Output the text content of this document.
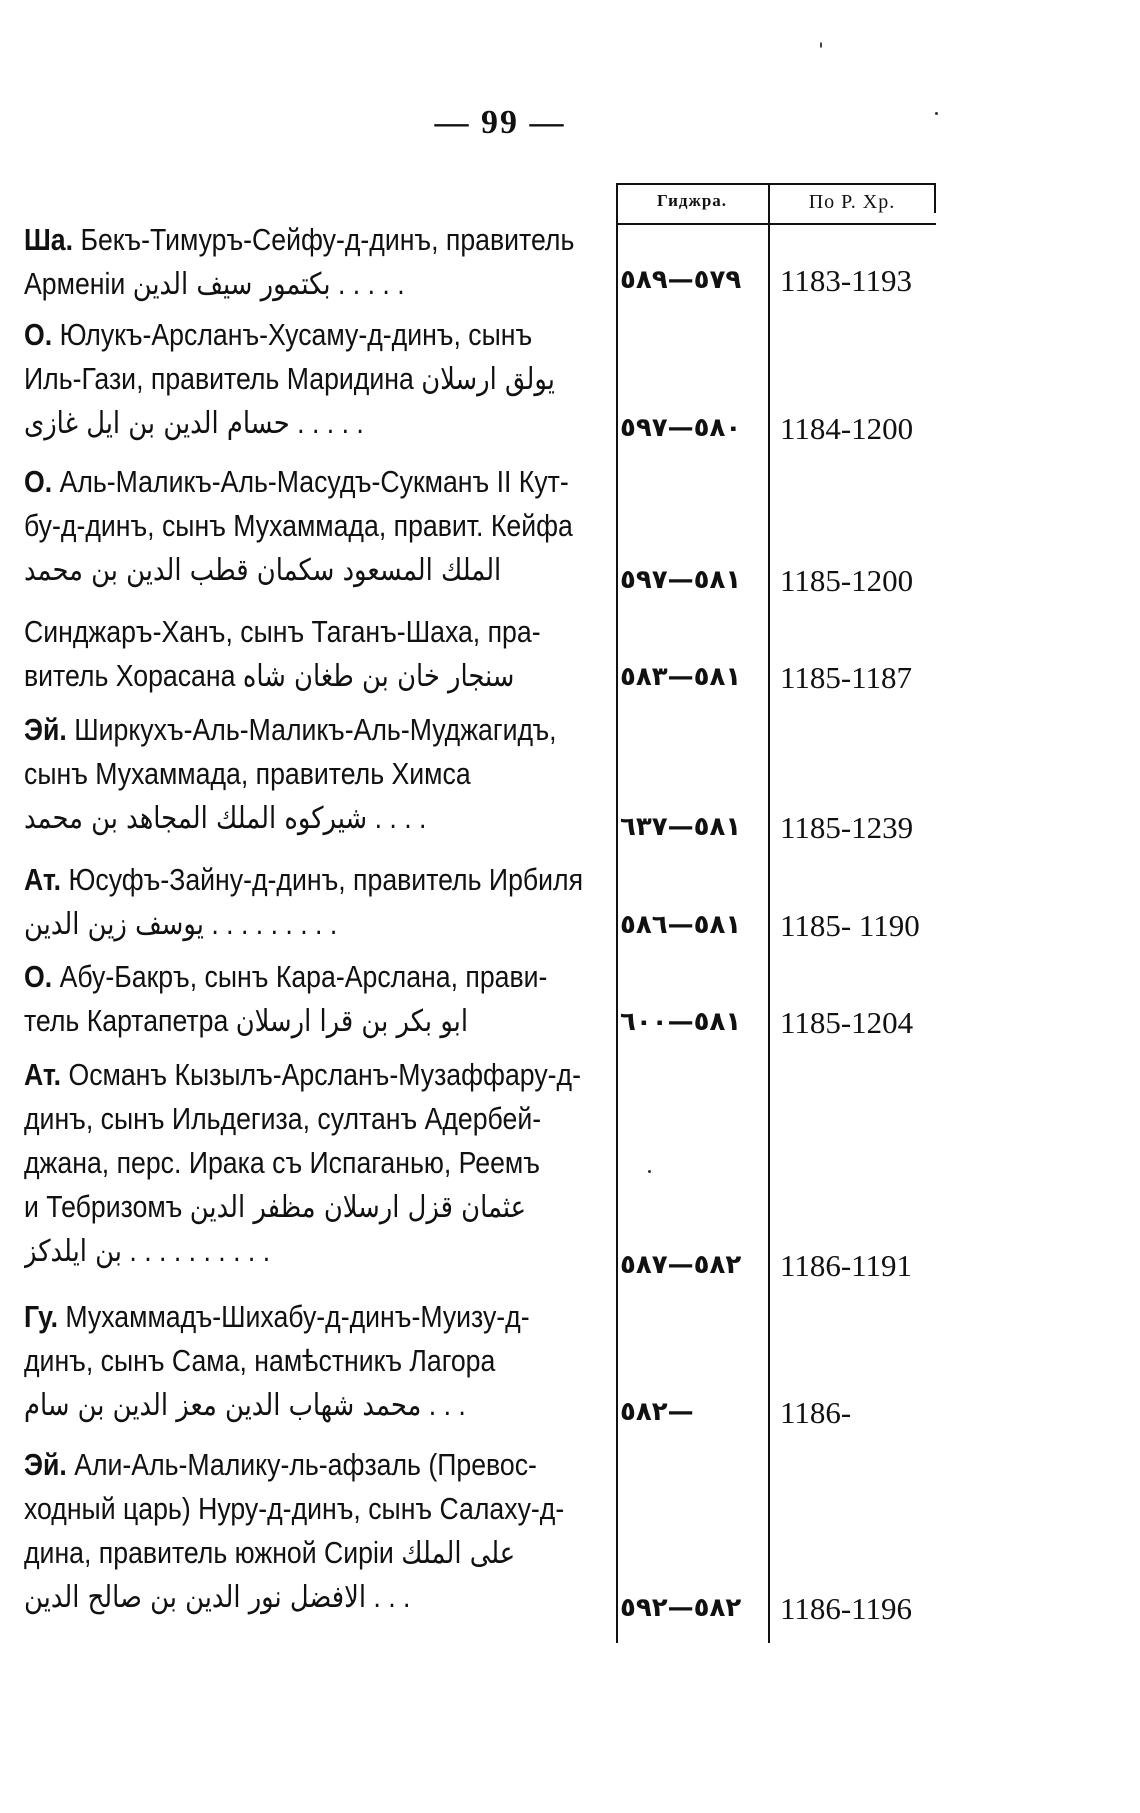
— 99 —
Гиджра.	По Р. Хр.
Ша. Бекъ-Тимуръ-Сейфу-д-динъ, правитель
Арменіи بكتمور سيف الدين . . . . .	٥٧٩—٥٨٩	1183-1193
О. Юлукъ-Арсланъ-Хусаму-д-динъ, сынъ
Иль-Гази, правитель Маридина يولق ارسلان
حسام الدين بن ايل غازى . . . . .	٥٨٠—٥٩٧	1184-1200
О. Аль-Маликъ-Аль-Масудъ-Сукманъ II Кут-
бу-д-динъ, сынъ Мухаммада, правит. Кейфа
الملك المسعود سكمان قطب الدين بن محمد	٥٨١—٥٩٧	1185-1200
Синджаръ-Ханъ, сынъ Таганъ-Шаха, пра-
витель Хорасана سنجار خان بن طغان شاه	٥٨١—٥٨٣	1185-1187
Эй. Ширкухъ-Аль-Маликъ-Аль-Муджагидъ,
сынъ Мухаммада, правитель Химса
شيركوه الملك المجاهد بن محمد . . . .	٥٨١—٦٣٧	1185-1239
Ат. Юсуфъ-Зайну-д-динъ, правитель Ирбиля
يوسف زين الدين . . . . . . . . .	٥٨١—٥٨٦	1185- 1190
О. Абу-Бакръ, сынъ Кара-Арслана, прави-
тель Картапетра ابو بكر بن قرا ارسلان	٥٨١—٦٠٠	1185-1204
Ат. Османъ Кызылъ-Арсланъ-Музаффару-д-
динъ, сынъ Ильдегиза, султанъ Адербей-
джана, перс. Ирака съ Испаганью, Реемъ
и Тебризомъ عثمان قزل ارسلان مظفر الدين
بن ايلدكز . . . . . . . . . .	٥٨٢—٥٨٧	1186-1191
Гу. Мухаммадъ-Шихабу-д-динъ-Муизу-д-
динъ, сынъ Сама, намѣстникъ Лагора
محمد شهاب الدين معز الدين بن سام . . .	٥٨٢—	1186-
Эй. Али-Аль-Малику-ль-афзаль (Превос-
ходный царь) Нуру-д-динъ, сынъ Салаху-д-
дина, правитель южной Сиріи على الملك
الافضل نور الدين بن صالح الدين . . .	٥٨٢—٥٩٢	1186-1196
